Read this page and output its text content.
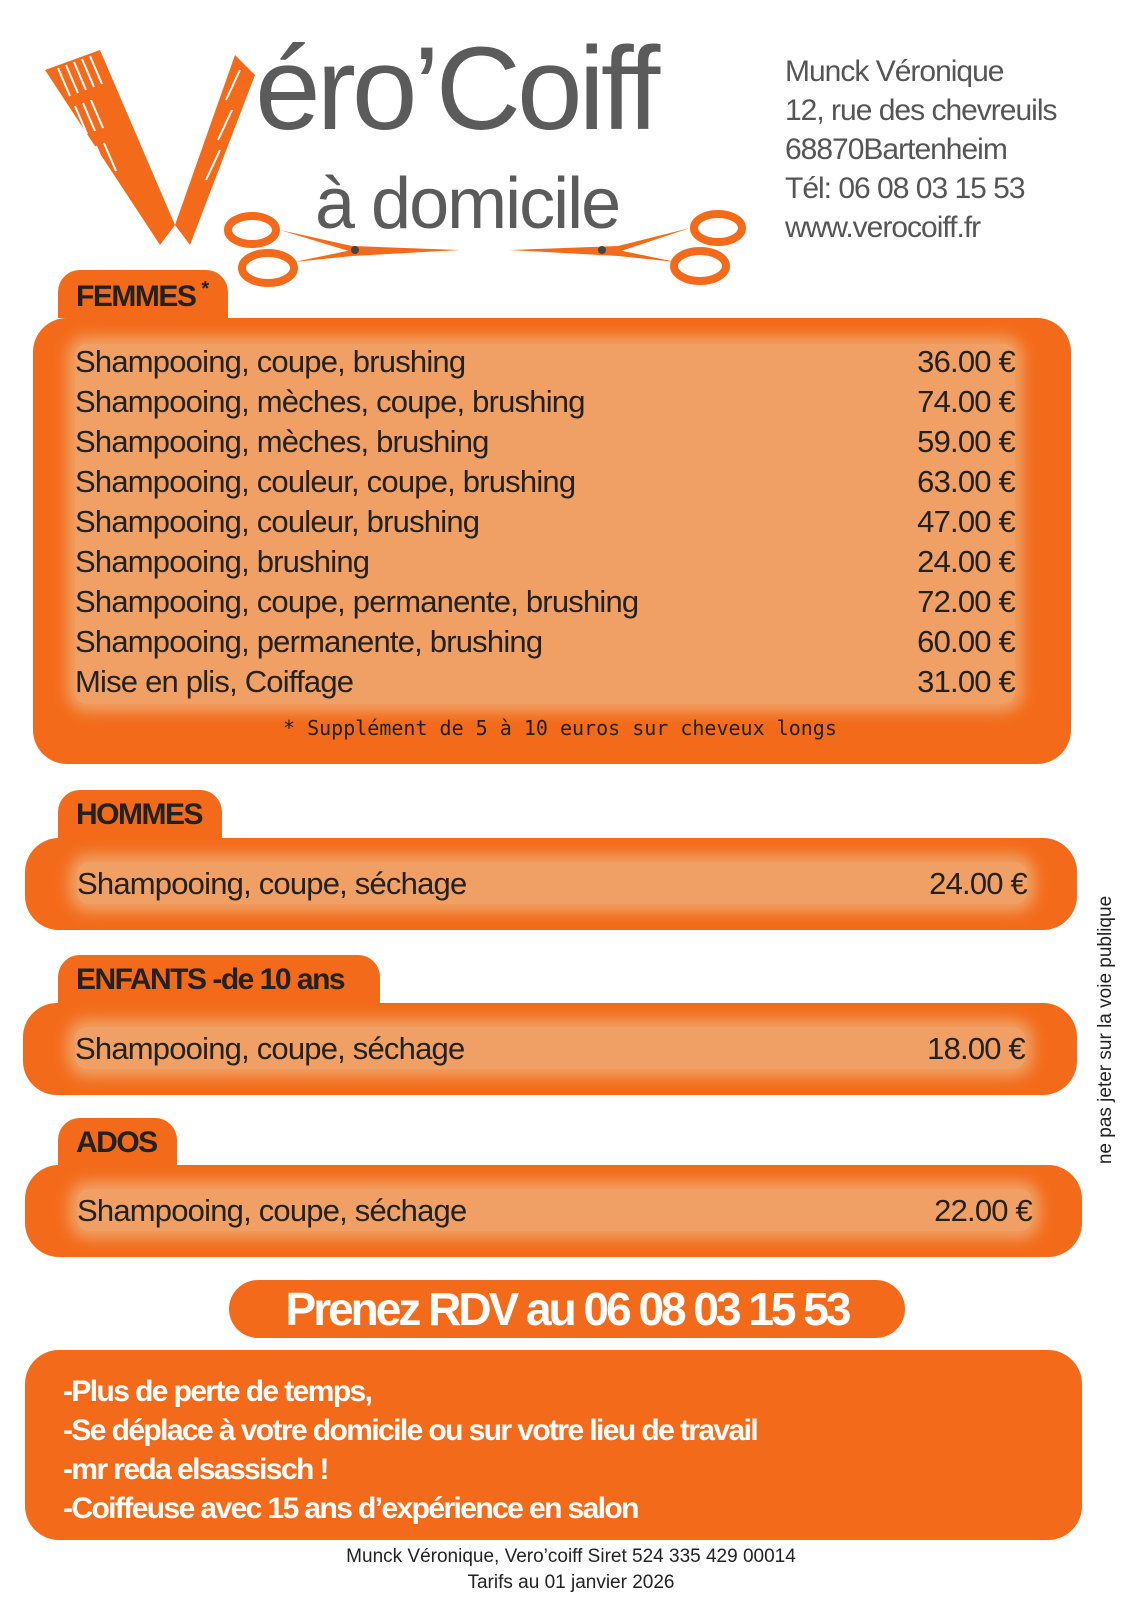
éro’Coiff
à domicile
Munck Véronique
12, rue des chevreuils
68870Bartenheim
Tél: 06 08 03 15 53
www.verocoiff.fr
FEMMES *
Shampooing, coupe, brushing	36.00 €
Shampooing, mèches, coupe, brushing	74.00 €
Shampooing, mèches, brushing	59.00 €
Shampooing, couleur, coupe, brushing	63.00 €
Shampooing, couleur, brushing	47.00 €
Shampooing, brushing	24.00 €
Shampooing, coupe, permanente, brushing	72.00 €
Shampooing, permanente, brushing	60.00 €
Mise en plis, Coiffage	31.00 €
* Supplément de 5 à 10 euros sur cheveux longs
HOMMES
Shampooing, coupe, séchage	24.00 €
ENFANTS -de 10 ans
Shampooing, coupe, séchage	18.00 €
ADOS
Shampooing, coupe, séchage	22.00 €
Prenez RDV au 06 08 03 15 53
-Plus de perte de temps,
-Se déplace à votre domicile ou sur votre lieu de travail
-mr reda elsassisch !
-Coiffeuse avec 15 ans d’expérience en salon
Munck Véronique, Vero’coiff Siret 524 335 429 00014
Tarifs au 01 janvier 2026
ne pas jeter sur la voie publique
